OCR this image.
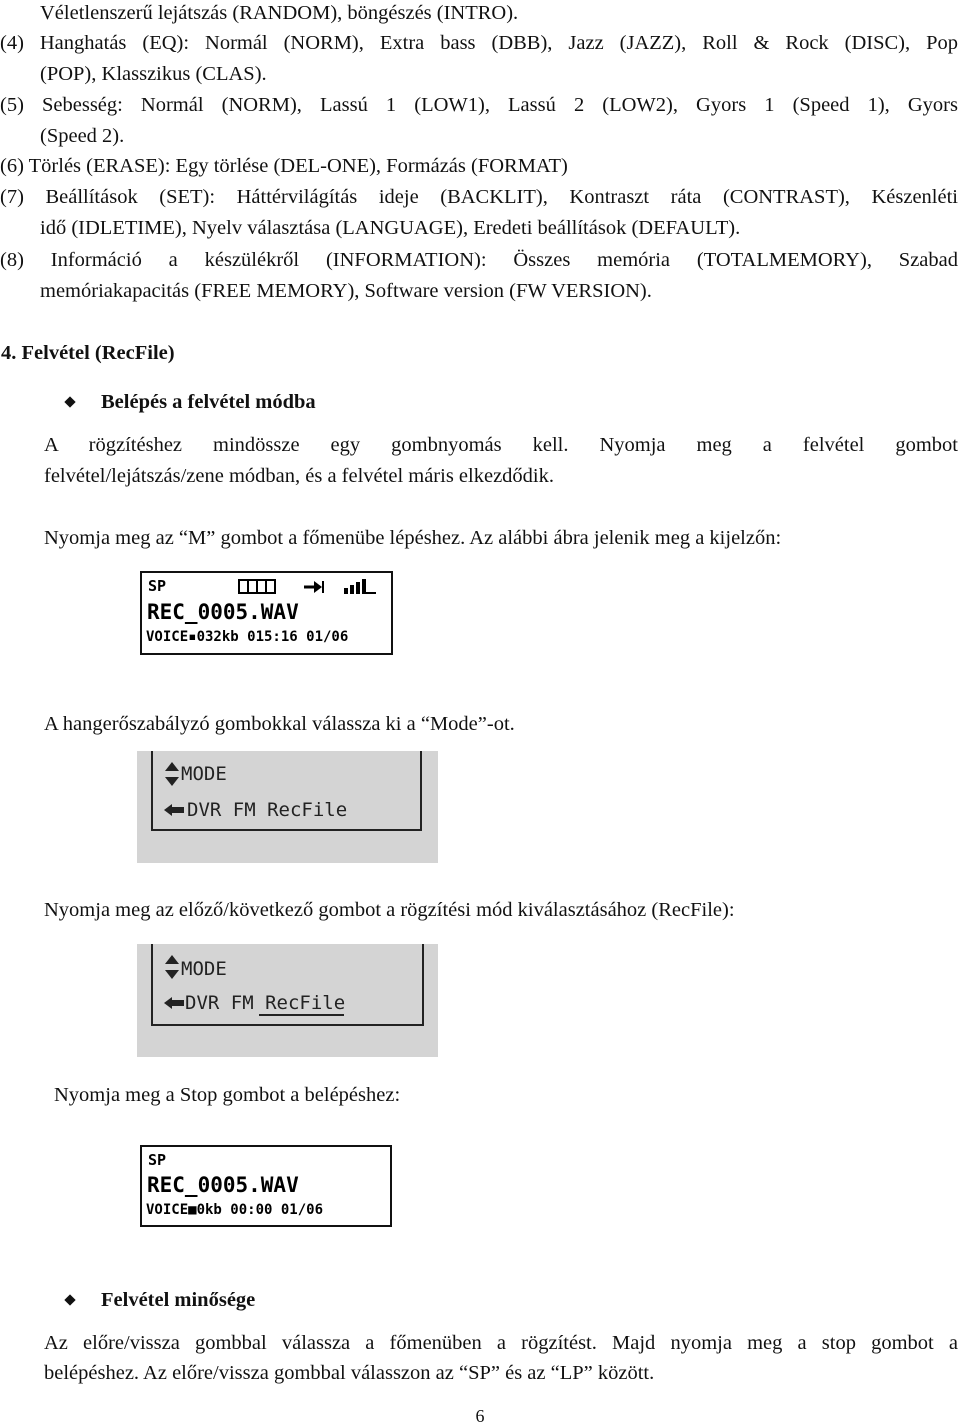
Véletlenszerű lejátszás (RANDOM), böngészés (INTRO).
(4) Hanghatás (EQ): Normál (NORM), Extra bass (DBB), Jazz (JAZZ), Roll & Rock (DISC), Pop
(POP), Klasszikus (CLAS).
(5) Sebesség: Normál (NORM), Lassú 1 (LOW1), Lassú 2 (LOW2), Gyors 1 (Speed 1), Gyors
(Speed 2).
(6) Törlés (ERASE): Egy törlése (DEL-ONE), Formázás (FORMAT)
(7) Beállítások (SET): Háttérvilágítás ideje (BACKLIT), Kontraszt ráta (CONTRAST), Készenléti
idő (IDLETIME), Nyelv választása (LANGUAGE), Eredeti beállítások (DEFAULT).
(8) Információ a készülékről (INFORMATION): Összes memória (TOTALMEMORY), Szabad
memóriakapacitás (FREE MEMORY), Software version (FW VERSION).
4. Felvétel (RecFile)
Belépés a felvétel módba
A rögzítéshez mindössze egy gombnyomás kell. Nyomja meg a felvétel gombot
felvétel/lejátszás/zene módban, és a felvétel máris elkezdődik.
Nyomja meg az “M” gombot a főmenübe lépéshez. Az alábbi ábra jelenik meg a kijelzőn:
SP
REC_0005.WAV
VOICE▪032kb 015:16 01/06
A hangerőszabályzó gombokkal válassza ki a “Mode”-ot.
MODE
DVR FM RecFile
Nyomja meg az előző/következő gombot a rögzítési mód kiválasztásához (RecFile):
MODE
DVR FM RecFile
Nyomja meg a Stop gombot a belépéshez:
SP
REC_0005.WAV
VOICE■0kb 00:00 01/06
Felvétel minősége
Az előre/vissza gombbal válassza a főmenüben a rögzítést. Majd nyomja meg a stop gombot a
belépéshez. Az előre/vissza gombbal válasszon az “SP” és az “LP” között.
6
